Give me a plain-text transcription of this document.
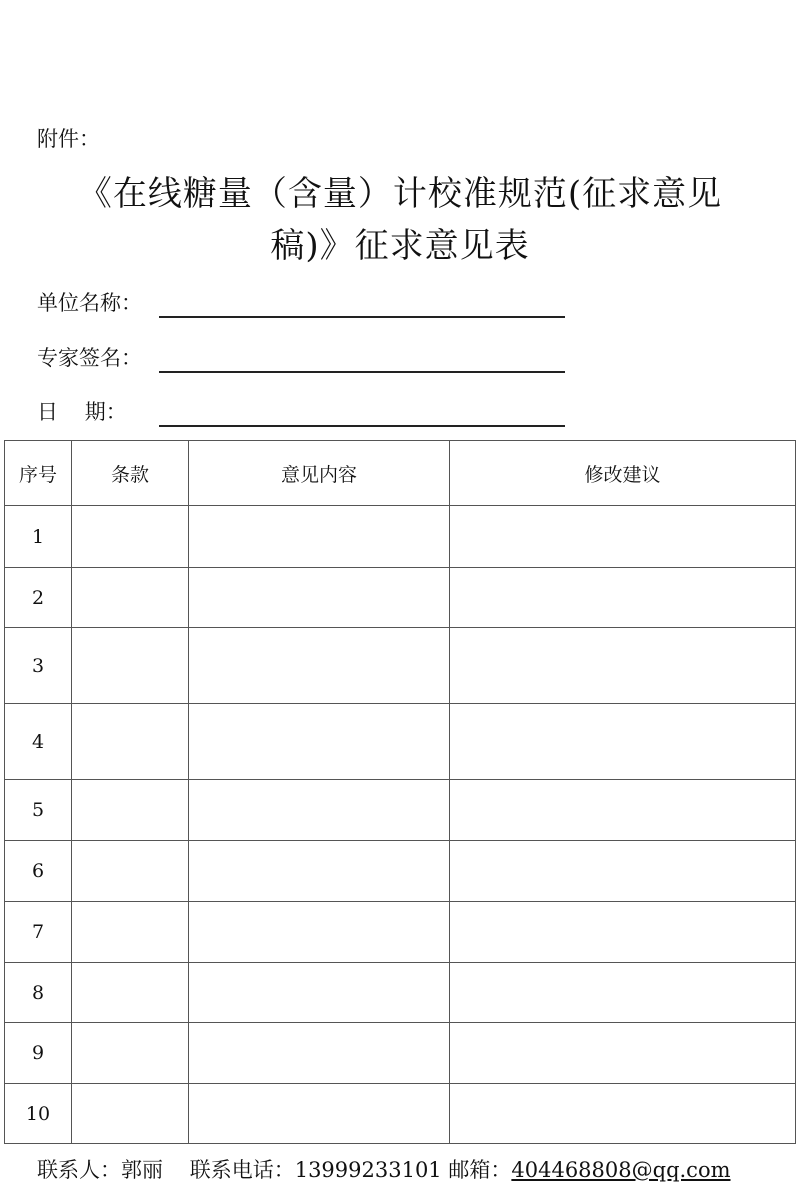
附件：
《在线糖量（含量）计校准规范(征求意见
稿)》征求意见表
单位名称：
专家签名：
日    期：
序号	条款	意见内容	修改建议
1			
2			
3			
4			
5			
6			
7			
8			
9			
10			
联系人：郭丽 联系电话：13999233101 邮箱：404468808@qq.com
